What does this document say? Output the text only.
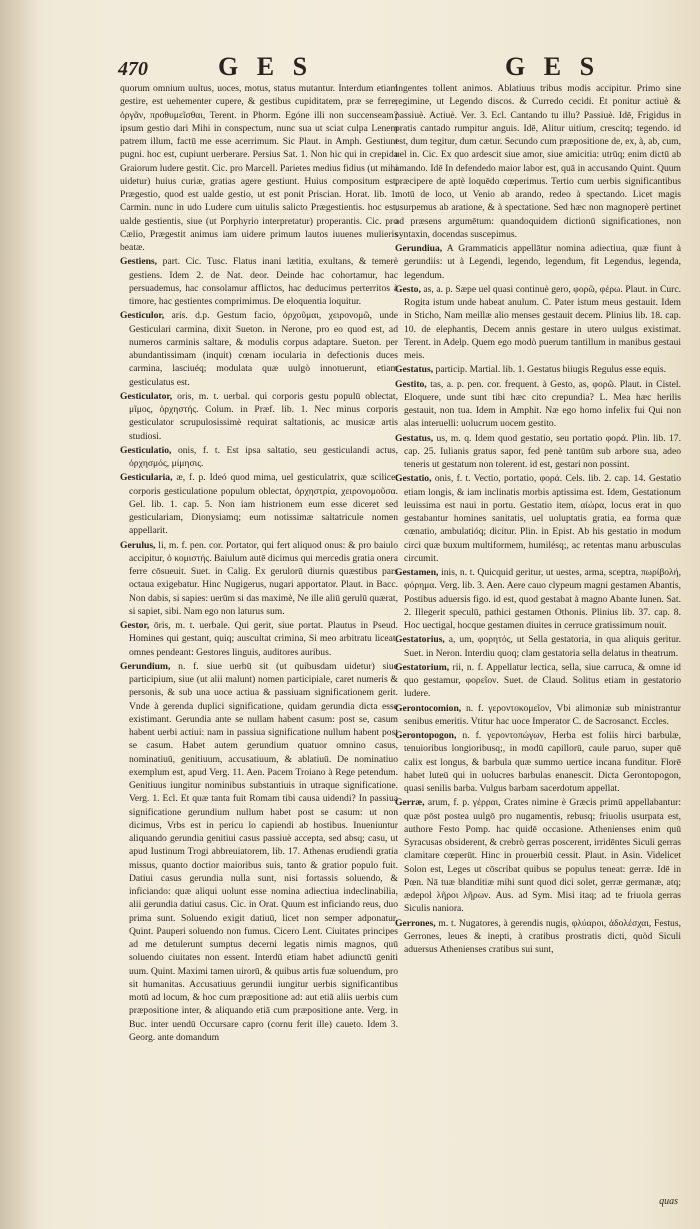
470	G E S	G E S

quorum omnium uultus, uoces, motus, status mutantur. Interdum etiam gestire, est uehementer cupere, & gestibus cupiditatem, præ se ferre, ὀργᾶν, προθυμεῖσθαι, Terent. in Phorm. Egóne illi non succenseam? ipsum gestio dari Mihi in conspectum, nunc sua ut sciat culpa Lenem patrem illum, factū me esse acerrimum. Sic Plaut. in Amph. Gestiunt pugni. hoc est, cupiunt uerberare. Persius Sat. 1. Non hic qui in crepida Graiorum ludere gestit. Cic. pro Marcell. Parietes medius fidius (ut mihi uidetur) huius curiæ, gratias agere gestiunt. Huius compositum est, Prægestio, quod est ualde gestio, ut est ponit Priscian. Horat. lib. 1. Carmin. nunc in udo Ludere cum uitulis salicto Prægestientis. hoc est, ualde gestientis, siue (ut Porphyrio interpretatur) properantis. Cic. pro Cælio, Prægestit animus iam uidere primum lautos iuuenes mulieris beatæ.

Gestiens, part. Cic. Tusc. Flatus inani lætitia, exultans, & temerè gestiens. Idem 2. de Nat. deor. Deinde hac cohortamur, hac persuademus, hac consolamur afflictos, hac deducimus perterritos à timore, hac gestientes comprimimus. De eloquentia loquitur.

Gesticulor, aris. d.p. Gestum facio, ὀρχοῦμαι, χειρονομῶ, unde Gesticulari carmina, dixit Sueton. in Nerone, pro eo quod est, ad numeros carminis saltare, & modulis corpus adaptare. Sueton. per abundantissimam (inquit) cœnam iocularia in defectionis duces carmina, lasciuéq; modulata quæ uulgò innotuerunt, etiam gesticulatus est.

Gesticulator, oris, m. t. uerbal. qui corporis gestu populū oblectat, μῖμος, ὀρχηστής. Colum. in Præf. lib. 1. Nec minus corporis gesticulator scrupulosissimè requirat saltationis, ac musicæ artis studiosi.

Gesticulatio, onis, f. t. Est ipsa saltatio, seu gesticulandi actus, ὀρχησμός, μίμησις.

Gesticularia, æ, f. p. Ideó quod mima, uel gesticulatrix, quæ scilicet corporis gesticulatione populum oblectat, ὀρχηστρία, χειρονομοῦσα. Gel. lib. 1. cap. 5. Non iam histrionem eum esse diceret sed gesticulariam, Dionysiamq; eum notissimæ saltatricule nomen appellarit.

Gerulus, li, m. f. pen. cor. Portator, qui fert aliquod onus: & pro baiulo accipitur, ὁ κομιστής. Baiulum autē dicimus qui mercedis gratia onera ferre cōsueuit. Suet. in Calig. Ex gerulorū diurnis quæstibus pars octaua exigebatur. Hinc Nugigerus, nugari apportator. Plaut. in Bacc. Non dabis, si sapies: uerūm si das maximè, Ne ille aliū gerulū quærat, si sapiet, sibi. Nam ego non laturus sum.

Gestor, ōris, m. t. uerbale. Qui gerit, siue portat. Plautus in Pseud. Homines qui gestant, quiq; auscultat crimina, Si meo arbitratu liceat, omnes pendeant: Gestores linguis, auditores auribus.

Gerundium, n. f. siue uerbū sit (ut quibusdam uidetur) siue participium, siue (ut alii malunt) nomen participiale, caret numeris & personis, & sub una uoce actiua & passiuam significationem gerit. Vnde à gerenda duplici significatione, quidam gerundia dicta esse existimant. Gerundia ante se nullam habent casum: post se, casum habent uerbi actiui: nam in passiua significatione nullum habent post se casum. Habet autem gerundium quatuor omnino casus, nominatiuū, genitiuum, accusatiuum, & ablatiuū. De nominatiuo exemplum est, apud Verg. 11. Aen. Pacem Troiano à Rege petendum. Genitiuus iungitur nominibus substantiuis in utraque significatione. Verg. 1. Ecl. Et quæ tanta fuit Romam tibi causa uidendi? In passiua significatione gerundium nullum habet post se casum: ut non dicimus, Vrbs est in pericu lo capiendi ab hostibus. Inueniuntur aliquando gerundia genitiui casus passiuè accepta, sed absq; casu, ut apud Iustinum Trogi abbreuiatorem, lib. 17. Athenas erudiendi gratia missus, quanto doctior maioribus suis, tanto & gratior populo fuit. Datiui casus gerundia nulla sunt, nisi fortassis soluendo, & inficiando: quæ aliqui uolunt esse nomina adiectiua indeclinabilia, alii gerundia datiui casus. Cic. in Orat. Quum est inficiando reus, duo prima sunt. Soluendo exigit datiuū, licet non semper adponatur. Quint. Pauperi soluendo non fumus. Cicero Lent. Ciuitates principes ad me detulerunt sumptus decerni legatis nimis magnos, quū soluendo ciuitates non essent. Interdū etiam habet adiunctū geniti uum. Quint. Maximi tamen uirorū, & quibus artis fuæ soluendum, pro sit humanitas. Accusatiuus gerundii iungitur uerbis significantibus motū ad locum, & hoc cum præpositione ad: aut etiā aliis uerbis cum præpositione inter, & aliquando etiā cum præpositione ante. Verg. in Buc. inter uendū Occursare capro (cornu ferit ille) caueto. Idem 3. Georg. ante domandum

Ingentes tollent animos. Ablatiuus tribus modis accipitur. Primo sine regimine, ut Legendo discos. & Curredo cecidi. Et ponitur actiuè & passiuè. Actiuè. Ver. 3. Ecl. Cantando tu illu? Passiuè. Idē, Frigidus in pratis cantado rumpitur anguis. Idē, Alitur uitium, crescitq; tegendo. id est, dum tegitur, dum cætur. Secundo cum præpositione de, ex, à, ab, cum, uel in. Cic. Ex quo ardescit siue amor, siue amicitia: utrūq; enim dictū ab amando. Idē In defendedo maior labor est, quā in accusando Quint. Quum præcipere de aptè loquēdo cœperimus. Tertio cum uerbis significantibus motū de loco, ut Venio ab arando, redeo à spectando. Licet magis usurpemus ab aratione, & à spectatione. Sed hæc non magnoperè pertinet ad præsens argumētum: quandoquidem dictionū significationes, non syntaxin, docendas suscepimus.

Gerundiua, A Grammaticis appellātur nomina adiectiua, quæ fiunt à gerundiis: ut à Legendi, legendo, legendum, fit Legendus, legenda, legendum.

Gesto, as, a. p. Sæpe uel quasi continuè gero, φορῶ, φέρω. Plaut. in Curc. Rogita istum unde habeat anulum. C. Pater istum meus gestauit. Idem in Sticho, Nam meillæ alio menses gestauit decem. Plinius lib. 18. cap. 10. de elephantis, Decem annis gestare in utero uulgus existimat. Terent. in Adelp. Quem ego modò puerum tantillum in manibus gestaui meis.

Gestatus, particip. Martial. lib. 1. Gestatus biiugis Regulus esse equis.

Gestito, tas, a. p. pen. cor. frequent. à Gesto, as, φορῶ. Plaut. in Cistel. Eloquere, unde sunt tibi hæc cito crepundia? L. Mea hæc herilis gestauit, non tua. Idem in Amphit. Næ ego homo infelix fui Qui non alas interuelli: uolucrum uocem gestito.

Gestatus, us, m. q. Idem quod gestatio, seu portatio φορά. Plin. lib. 17. cap. 25. Iulianis gratus sapor, fed penè tantūm sub arbore sua, adeo teneris ut gestatum non tolerent. id est, gestari non possint.

Gestatio, onis, f. t. Vectio, portatio, φορά. Cels. lib. 2. cap. 14. Gestatio etiam longis, & iam inclinatis morbis aptissima est. Idem, Gestationum leuissima est naui in portu. Gestatio item, αἰώρα, locus erat in quo gestabantur homines sanitatis, uel uoluptatis gratia, ea forma quæ cœnatio, ambulatióq; dicitur. Plin. in Epist. Ab his gestatio in modum circi quæ buxum multiformem, humilésq;, ac retentas manu arbusculas circumit.

Gestamen, inis, n. t. Quicquid geritur, ut uestes, arma, sceptra, πωρίβολή, φόρημα. Verg. lib. 3. Aen. Aere cauo clypeum magni gestamen Abantis, Postibus aduersis figo. id est, quod gestabat à magno Abante Iunen. Sat. 2. Illegerit speculū, pathici gestamen Othonis. Plinius lib. 37. cap. 8. Hoc uectigal, hocque gestamen diuites in cerruce gratissimum nouit.

Gestatorius, a, um, φορητός, ut Sella gestatoria, in qua aliquis geritur. Suet. in Neron. Interdiu quoq; clam gestatoria sella delatus in theatrum.

Gestatorium, rii, n. f. Appellatur lectica, sella, siue carruca, & omne id quo gestamur, φορεῖον. Suet. de Claud. Solitus etiam in gestatorio ludere.

Gerontocomion, n. f. γεροντοκομεῖον, Vbi alimoniæ sub ministrantur senibus emeritis. Vtitur hac uoce Imperator C. de Sacrosanct. Eccles.

Gerontopogon, n. f. γεροντοπώγων, Herba est foliis hirci barbulæ, tenuioribus longioribusq;, in modū capillorū, caule paruo, super quē calix est longus, & barbula quæ summo uertice incana funditur. Florē habet luteū qui in uolucres barbulas enanescit. Dicta Gerontopogon, quasi senilis barba. Vulgus barbam sacerdotum appellat.

Gerræ, arum, f. p. γέρραι, Crates nimine è Græcis primū appellabantur: quæ pōst postea uulgō pro nugamentis, rebusq; friuolis usurpata est, authore Festo Pomp. hac quidē occasione. Athenienses enim quū Syracusas obsiderent, & crebrò gerras poscerent, irridēntes Siculi gerras clamitare cœperūt. Hinc in prouerbiū cessit. Plaut. in Asin. Videlicet Solon est, Leges ut cōscribat quibus se populus teneat: gerræ. Idē in Pœn. Nā tuæ blanditiæ mihi sunt quod dici solet, gerræ germanæ, atq; ædepol λῆροι λῆρων. Aus. ad Sym. Misi itaq; ad te friuola gerras Siculis naniora.

Gerrones, m. t. Nugatores, à gerendis nugis, φλύαροι, ἀδολέσχαι, Festus, Gerrones, leues & inepti, à cratibus prostratis dicti, quòd Siculi aduersus Athenienses cratibus sui sunt,

quas
